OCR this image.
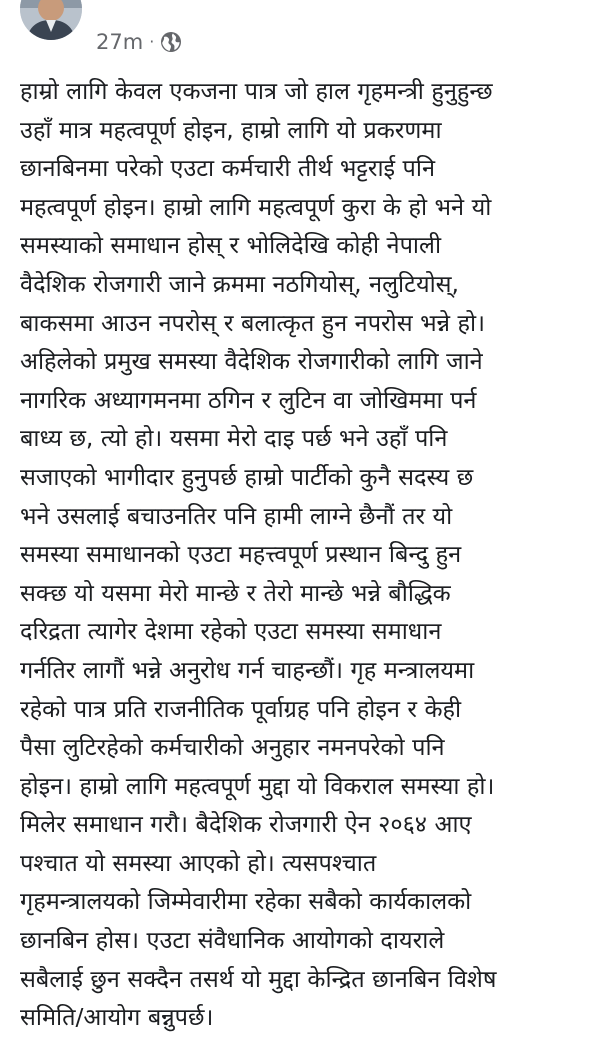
27m ·
हाम्रो लागि केवल एकजना पात्र जो हाल गृहमन्त्री हुनुहुन्छ
उहाँ मात्र महत्वपूर्ण होइन, हाम्रो लागि यो प्रकरणमा
छानबिनमा परेको एउटा कर्मचारी तीर्थ भट्टराई पनि
महत्वपूर्ण होइन। हाम्रो लागि महत्वपूर्ण कुरा के हो भने यो
समस्याको समाधान होस् र भोलिदेखि कोही नेपाली
वैदेशिक रोजगारी जाने क्रममा नठगियोस्, नलुटियोस्,
बाकसमा आउन नपरोस् र बलात्कृत हुन नपरोस भन्ने हो।
अहिलेको प्रमुख समस्या वैदेशिक रोजगारीको लागि जाने
नागरिक अध्यागमनमा ठगिन र लुटिन वा जोखिममा पर्न
बाध्य छ, त्यो हो। यसमा मेरो दाइ पर्छ भने उहाँ पनि
सजाएको भागीदार हुनुपर्छ हाम्रो पार्टीको कुनै सदस्य छ
भने उसलाई बचाउनतिर पनि हामी लाग्ने छैनौं तर यो
समस्या समाधानको एउटा महत्त्वपूर्ण प्रस्थान बिन्दु हुन
सक्छ यो यसमा मेरो मान्छे र तेरो मान्छे भन्ने बौद्धिक
दरिद्रता त्यागेर देशमा रहेको एउटा समस्या समाधान
गर्नतिर लागौं भन्ने अनुरोध गर्न चाहन्छौं। गृह मन्त्रालयमा
रहेको पात्र प्रति राजनीतिक पूर्वाग्रह पनि होइन र केही
पैसा लुटिरहेको कर्मचारीको अनुहार नमनपरेको पनि
होइन। हाम्रो लागि महत्वपूर्ण मुद्दा यो विकराल समस्या हो।
मिलेर समाधान गरौ। बैदेशिक रोजगारी ऐन २०६४ आए
पश्चात यो समस्या आएको हो। त्यसपश्चात
गृहमन्त्रालयको जिम्मेवारीमा रहेका सबैको कार्यकालको
छानबिन होस। एउटा संवैधानिक आयोगको दायराले
सबैलाई छुन सक्दैन तसर्थ यो मुद्दा केन्द्रित छानबिन विशेष
समिति/आयोग बन्नुपर्छ।
